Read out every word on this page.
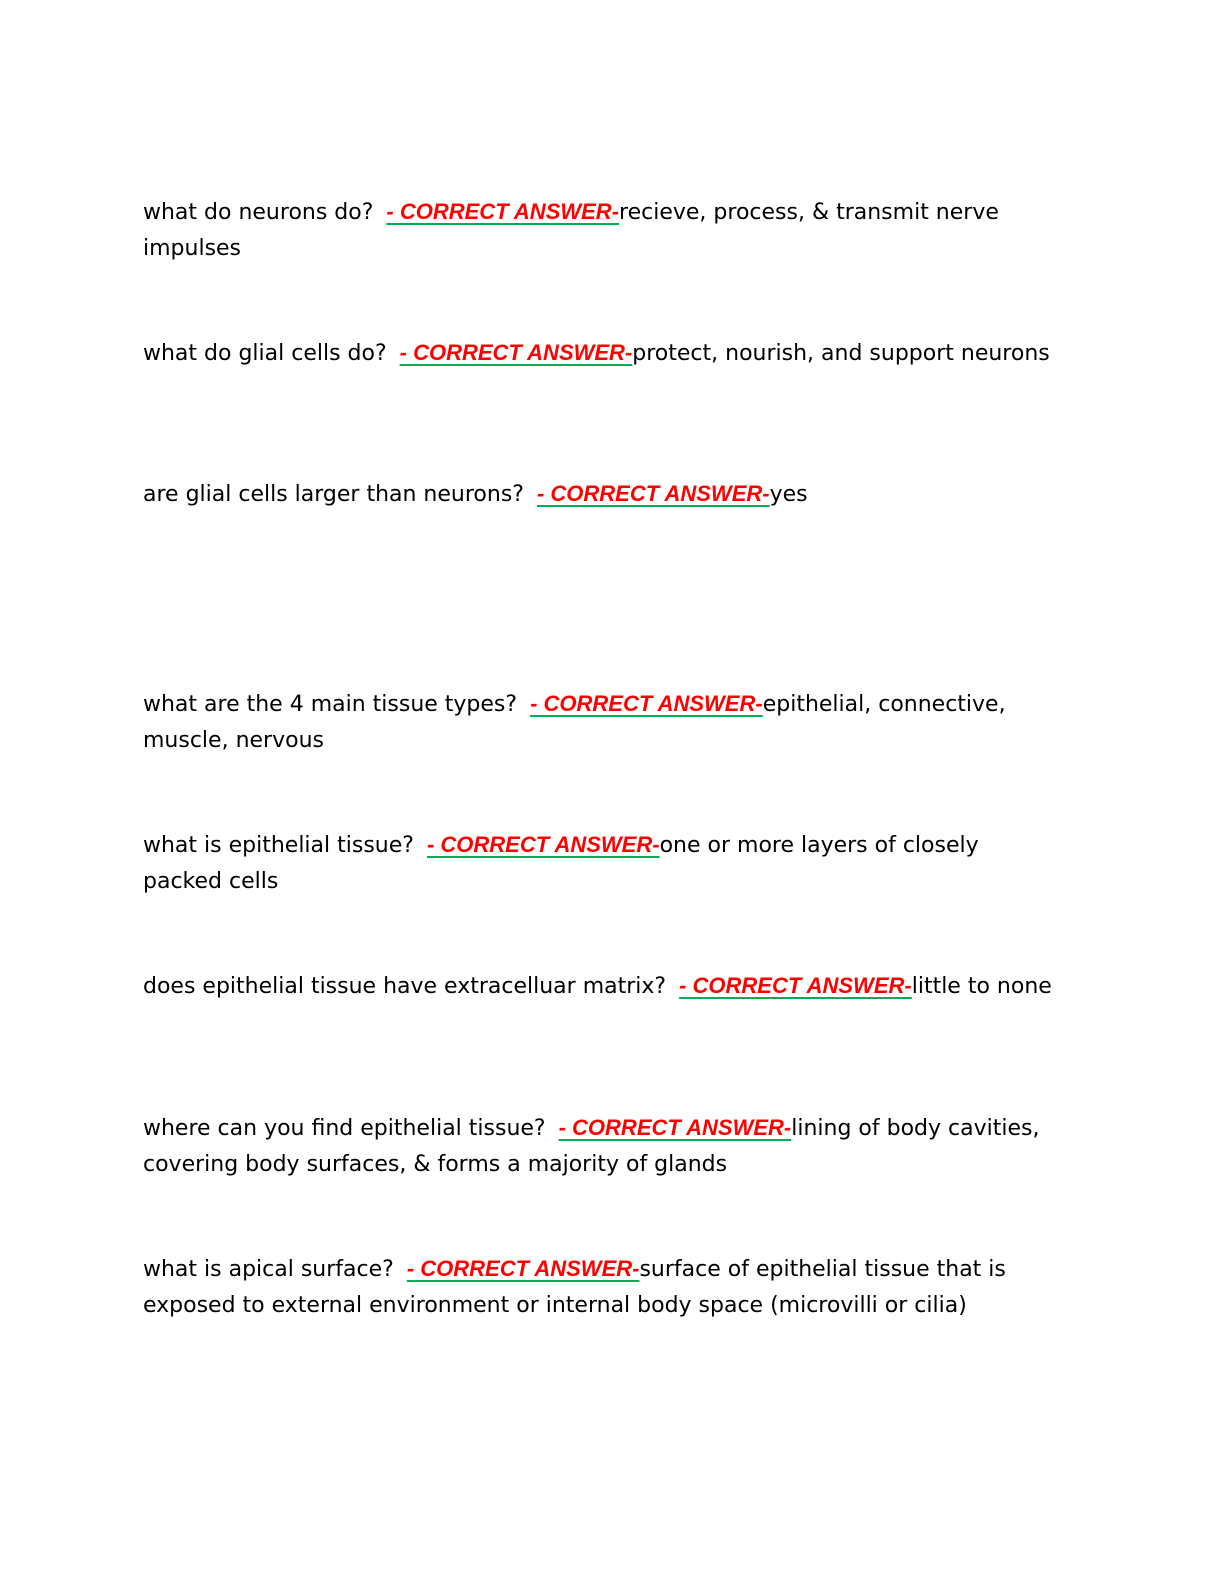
what do neurons do? - CORRECT ANSWER-recieve, process, & transmit nerve impulses
what do glial cells do? - CORRECT ANSWER-protect, nourish, and support neurons
are glial cells larger than neurons? - CORRECT ANSWER-yes
what are the 4 main tissue types? - CORRECT ANSWER-epithelial, connective, muscle, nervous
what is epithelial tissue? - CORRECT ANSWER-one or more layers of closely packed cells
does epithelial tissue have extracelluar matrix? - CORRECT ANSWER-little to none
where can you find epithelial tissue? - CORRECT ANSWER-lining of body cavities, covering body surfaces, & forms a majority of glands
what is apical surface? - CORRECT ANSWER-surface of epithelial tissue that is exposed to external environment or internal body space (microvilli or cilia)
